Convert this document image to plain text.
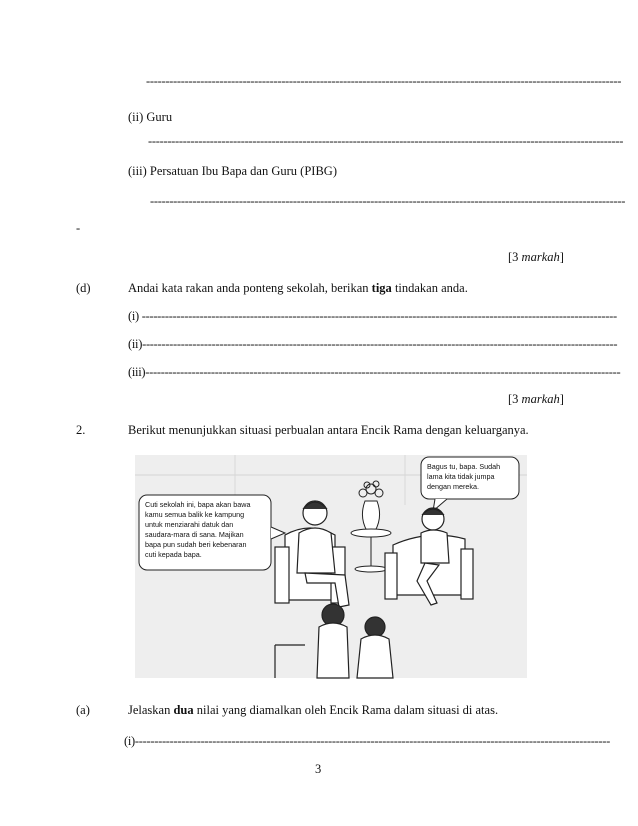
---------------------------------------------------------------------------------------------------------------------------
(ii) Guru
---------------------------------------------------------------------------------------------------------------------------
(iii) Persatuan Ibu Bapa dan Guru (PIBG)
---------------------------------------------------------------------------------------------------------------------------
-
[3 markah]
(d)	Andai kata rakan anda ponteng sekolah, berikan tiga tindakan anda.
(i) ---------------------------------------------------------------------------------------------------------------------------
(ii)---------------------------------------------------------------------------------------------------------------------------
(iii)---------------------------------------------------------------------------------------------------------------------------
[3 markah]
2.	Berikut menunjukkan situasi perbualan antara Encik Rama dengan keluarganya.
Cuti sekolah ini, bapa akan bawa
kamu semua balik ke kampung
untuk menziarahi datuk dan
saudara-mara di sana. Majikan
bapa pun sudah beri kebenaran
cuti kepada bapa.
Bagus tu, bapa. Sudah
lama kita tidak jumpa
dengan mereka.
(a)	Jelaskan dua nilai yang diamalkan oleh Encik Rama dalam situasi di atas.
(i)---------------------------------------------------------------------------------------------------------------------------
3
